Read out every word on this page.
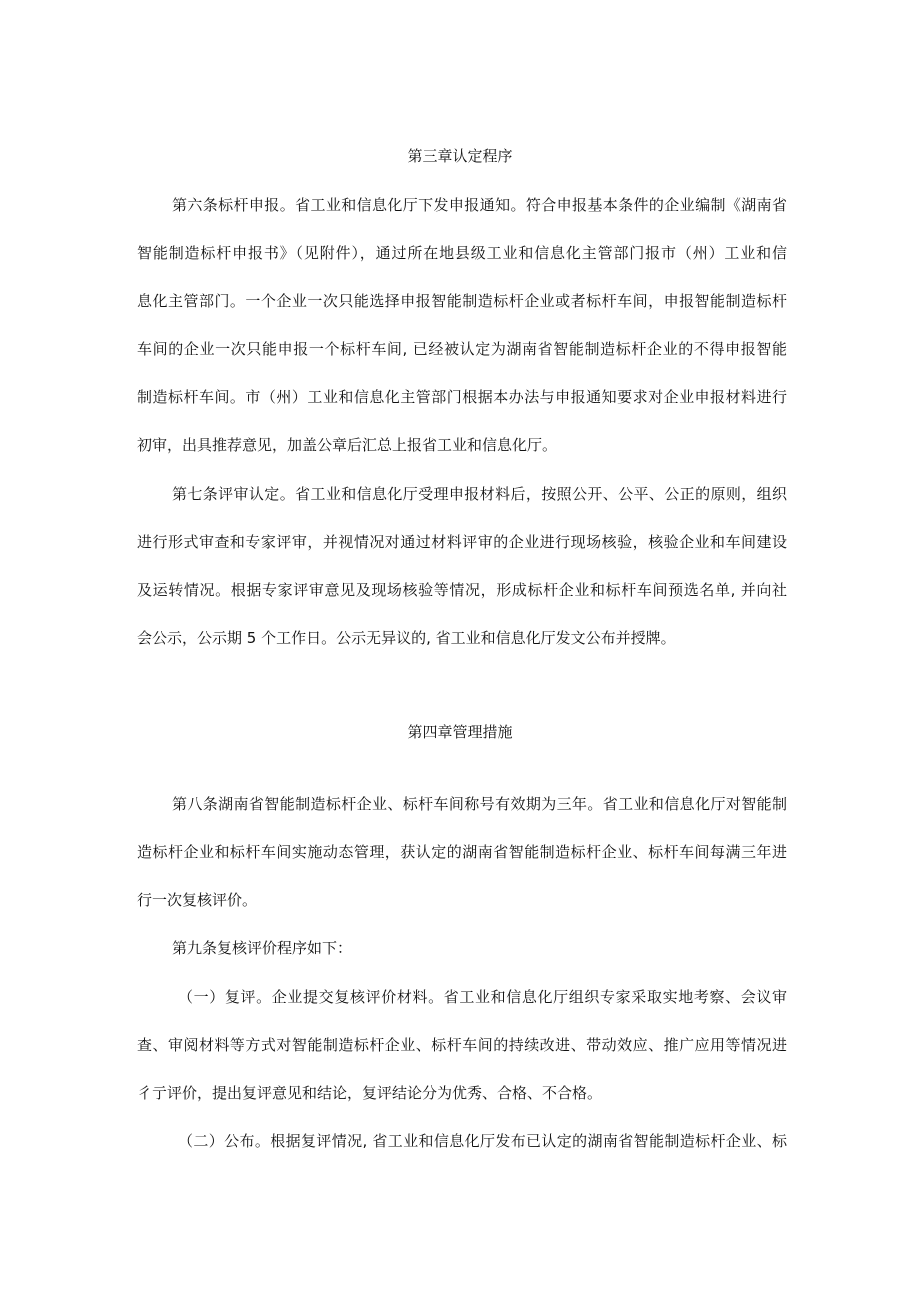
第三章认定程序
第六条标杆申报。省工业和信息化厅下发申报通知。符合申报基本条件的企业编制《湖南省
智能制造标杆申报书》（见附件），通过所在地县级工业和信息化主管部门报市（州）工业和信
息化主管部门。一个企业一次只能选择申报智能制造标杆企业或者标杆车间，申报智能制造标杆
车间的企业一次只能申报一个标杆车间, 已经被认定为湖南省智能制造标杆企业的不得申报智能
制造标杆车间。市（州）工业和信息化主管部门根据本办法与申报通知要求对企业申报材料进行
初审，出具推荐意见，加盖公章后汇总上报省工业和信息化厅。
第七条评审认定。省工业和信息化厅受理申报材料后，按照公开、公平、公正的原则，组织
进行形式审查和专家评审，并视情况对通过材料评审的企业进行现场核验，核验企业和车间建设
及运转情况。根据专家评审意见及现场核验等情况，形成标杆企业和标杆车间预选名单, 并向社
会公示，公示期 5 个工作日。公示无异议的, 省工业和信息化厅发文公布并授牌。
第四章管理措施
第八条湖南省智能制造标杆企业、标杆车间称号有效期为三年。省工业和信息化厅对智能制
造标杆企业和标杆车间实施动态管理，获认定的湖南省智能制造标杆企业、标杆车间每满三年进
行一次复核评价。
第九条复核评价程序如下：
（一）复评。企业提交复核评价材料。省工业和信息化厅组织专家采取实地考察、会议审
查、审阅材料等方式对智能制造标杆企业、标杆车间的持续改进、带动效应、推广应用等情况进
彳亍评价，提出复评意见和结论，复评结论分为优秀、合格、不合格。
（二）公布。根据复评情况, 省工业和信息化厅发布已认定的湖南省智能制造标杆企业、标
